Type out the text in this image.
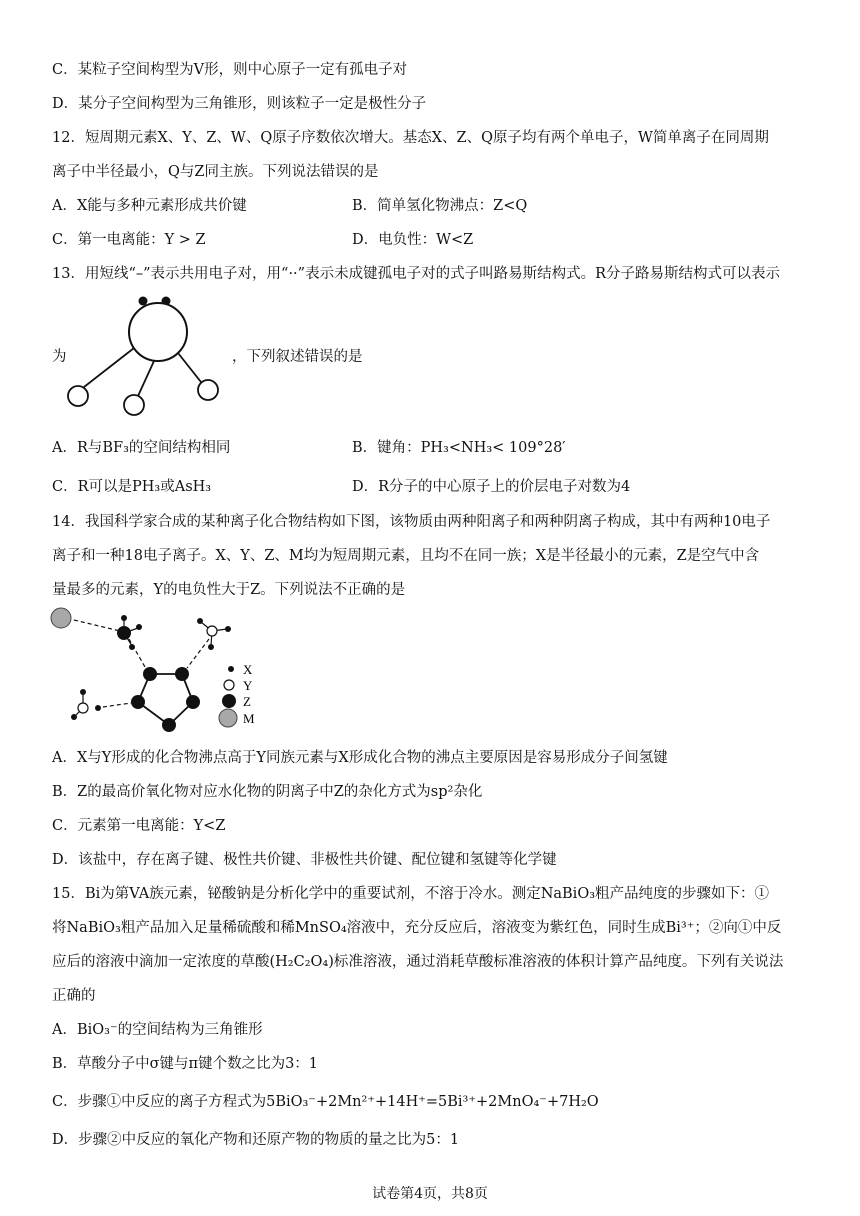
C．某粒子空间构型为V形，则中心原子一定有孤电子对
D．某分子空间构型为三角锥形，则该粒子一定是极性分子
12．短周期元素X、Y、Z、W、Q原子序数依次增大。基态X、Z、Q原子均有两个单电子，W简单离子在同周期
离子中半径最小，Q与Z同主族。下列说法错误的是
A．X能与多种元素形成共价键	B．简单氢化物沸点：Z<Q
C．第一电离能：Y > Z	D．电负性：W<Z
13．用短线“–”表示共用电子对，用“··”表示未成键孤电子对的式子叫路易斯结构式。R分子路易斯结构式可以表示
为	，下列叙述错误的是
A．R与BF₃的空间结构相同	B．键角：PH₃<NH₃< 109°28′
C．R可以是PH₃或AsH₃	D．R分子的中心原子上的价层电子对数为4
14．我国科学家合成的某种离子化合物结构如下图，该物质由两种阳离子和两种阴离子构成，其中有两种10电子
离子和一种18电子离子。X、Y、Z、M均为短周期元素，且均不在同一族；X是半径最小的元素，Z是空气中含
量最多的元素，Y的电负性大于Z。下列说法不正确的是
X
Y
Z
M
A．X与Y形成的化合物沸点高于Y同族元素与X形成化合物的沸点主要原因是容易形成分子间氢键
B．Z的最高价氧化物对应水化物的阴离子中Z的杂化方式为sp²杂化
C．元素第一电离能：Y<Z
D．该盐中，存在离子键、极性共价键、非极性共价键、配位键和氢键等化学键
15．Bi为第VA族元素，铋酸钠是分析化学中的重要试剂，不溶于冷水。测定NaBiO₃粗产品纯度的步骤如下：①
将NaBiO₃粗产品加入足量稀硫酸和稀MnSO₄溶液中，充分反应后，溶液变为紫红色，同时生成Bi³⁺；②向①中反
应后的溶液中滴加一定浓度的草酸(H₂C₂O₄)标准溶液，通过消耗草酸标准溶液的体积计算产品纯度。下列有关说法
正确的
A．BiO₃⁻的空间结构为三角锥形
B．草酸分子中σ键与π键个数之比为3：1
C．步骤①中反应的离子方程式为5BiO₃⁻+2Mn²⁺+14H⁺=5Bi³⁺+2MnO₄⁻+7H₂O
D．步骤②中反应的氧化产物和还原产物的物质的量之比为5：1
试卷第4页，共8页
